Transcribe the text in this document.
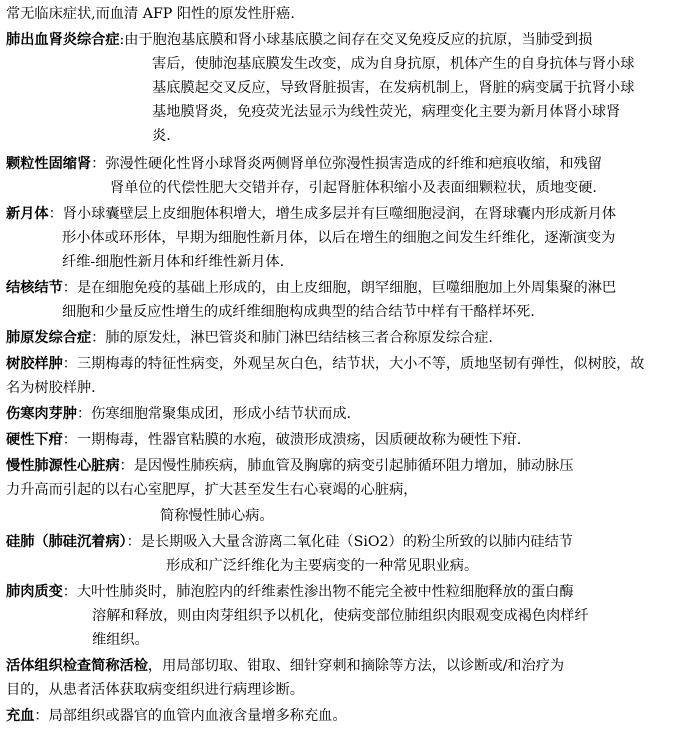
常无临床症状,而血清 AFP 阳性的原发性肝癌.
肺出血肾炎综合症:由于胞泡基底膜和肾小球基底膜之间存在交叉免疫反应的抗原，当肺受到损
害后，使肺泡基底膜发生改变，成为自身抗原，机体产生的自身抗体与肾小球
基底膜起交叉反应，导致肾脏损害，在发病机制上，肾脏的病变属于抗肾小球
基地膜肾炎，免疫荧光法显示为线性荧光，病理变化主要为新月体肾小球肾
炎.
颗粒性固缩肾：弥漫性硬化性肾小球肾炎两侧肾单位弥漫性损害造成的纤维和疤痕收缩，和残留
肾单位的代偿性肥大交错并存，引起肾脏体积缩小及表面细颗粒状，质地变硬.
新月体：肾小球囊壁层上皮细胞体积增大，增生成多层并有巨噬细胞浸润，在肾球囊内形成新月体
形小体或环形体，早期为细胞性新月体，以后在增生的细胞之间发生纤维化，逐渐演变为
纤维-细胞性新月体和纤维性新月体.
结核结节：是在细胞免疫的基础上形成的，由上皮细胞，朗罕细胞，巨噬细胞加上外周集聚的淋巴
细胞和少量反应性增生的成纤维细胞构成典型的结合结节中样有干酪样坏死.
肺原发综合症：肺的原发灶，淋巴管炎和肺门淋巴结结核三者合称原发综合症.
树胶样肿：三期梅毒的特征性病变，外观呈灰白色，结节状，大小不等，质地坚韧有弹性，似树胶，故
名为树胶样肿.
伤寒肉芽肿：伤寒细胞常聚集成团，形成小结节状而成.
硬性下疳：一期梅毒，性器官粘膜的水疱，破溃形成溃疡，因质硬故称为硬性下疳.
慢性肺源性心脏病：是因慢性肺疾病，肺血管及胸廓的病变引起肺循环阻力增加，肺动脉压
力升高而引起的以右心室肥厚，扩大甚至发生右心衰竭的心脏病，
简称慢性肺心病。
硅肺（肺硅沉着病）：是长期吸入大量含游离二氧化硅（SiO2）的粉尘所致的以肺内硅结节
形成和广泛纤维化为主要病变的一种常见职业病。
肺肉质变：大叶性肺炎时，肺泡腔内的纤维素性渗出物不能完全被中性粒细胞释放的蛋白酶
溶解和释放，则由肉芽组织予以机化，使病变部位肺组织肉眼观变成褐色肉样纤
维组织。
活体组织检查简称活检，用局部切取、钳取、细针穿刺和摘除等方法，以诊断或/和治疗为
目的，从患者活体获取病变组织进行病理诊断。
充血：局部组织或器官的血管内血液含量增多称充血。
